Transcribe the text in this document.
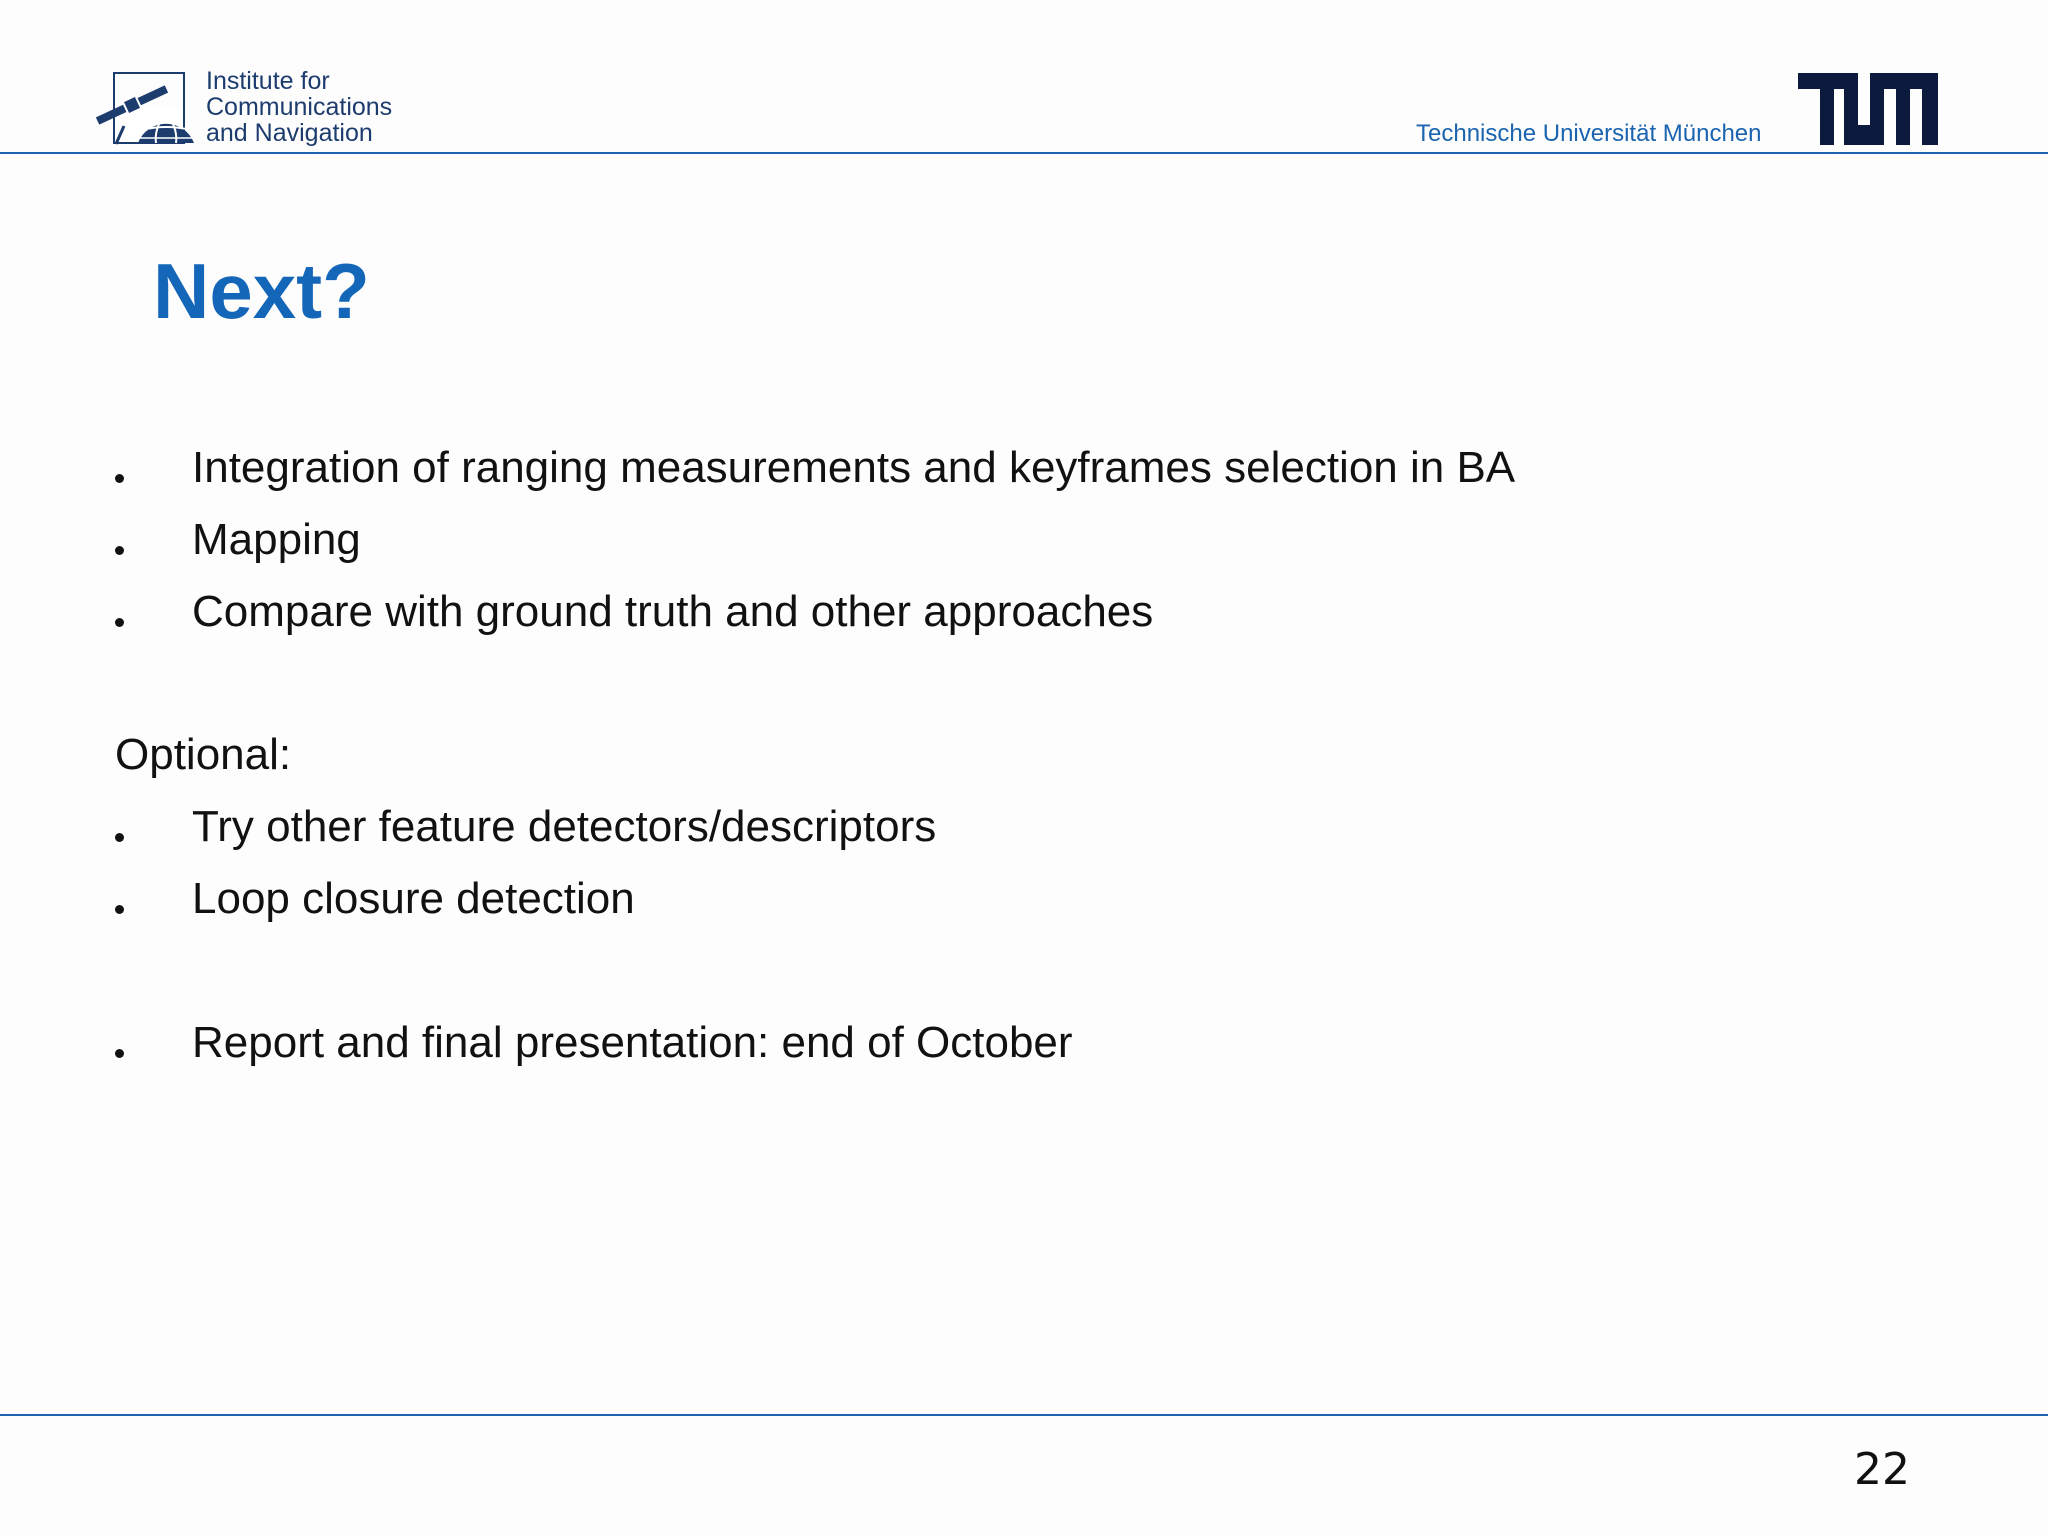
Institute for
Communications
and Navigation	Technische Universität München
Next?
Integration of ranging measurements and keyframes selection in BA
Mapping
Compare with ground truth and other approaches
Optional:
Try other feature detectors/descriptors
Loop closure detection
Report and final presentation: end of October
22
